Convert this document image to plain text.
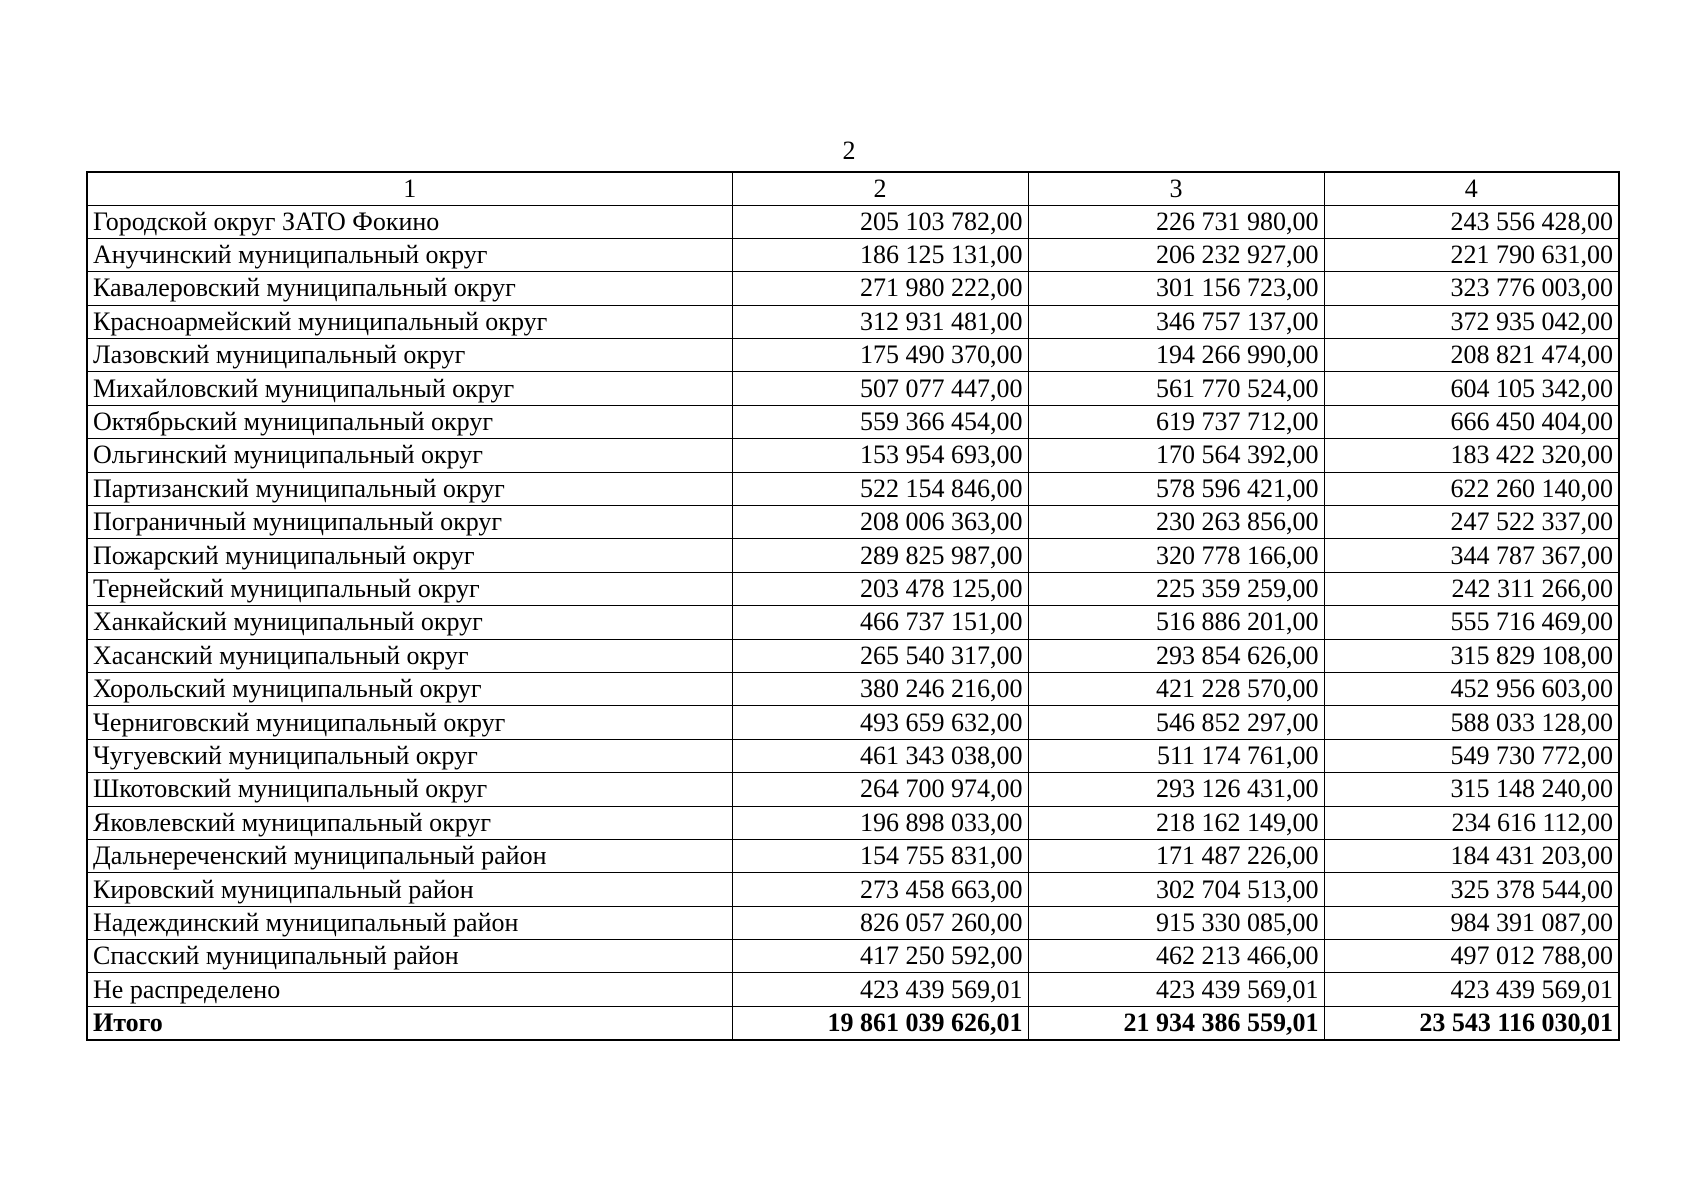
2
1	2	3	4
Городской округ ЗАТО Фокино	205 103 782,00	226 731 980,00	243 556 428,00
Анучинский муниципальный округ	186 125 131,00	206 232 927,00	221 790 631,00
Кавалеровский муниципальный округ	271 980 222,00	301 156 723,00	323 776 003,00
Красноармейский муниципальный округ	312 931 481,00	346 757 137,00	372 935 042,00
Лазовский муниципальный округ	175 490 370,00	194 266 990,00	208 821 474,00
Михайловский муниципальный округ	507 077 447,00	561 770 524,00	604 105 342,00
Октябрьский муниципальный округ	559 366 454,00	619 737 712,00	666 450 404,00
Ольгинский муниципальный округ	153 954 693,00	170 564 392,00	183 422 320,00
Партизанский муниципальный округ	522 154 846,00	578 596 421,00	622 260 140,00
Пограничный муниципальный округ	208 006 363,00	230 263 856,00	247 522 337,00
Пожарский муниципальный округ	289 825 987,00	320 778 166,00	344 787 367,00
Тернейский муниципальный округ	203 478 125,00	225 359 259,00	242 311 266,00
Ханкайский муниципальный округ	466 737 151,00	516 886 201,00	555 716 469,00
Хасанский муниципальный округ	265 540 317,00	293 854 626,00	315 829 108,00
Хорольский муниципальный округ	380 246 216,00	421 228 570,00	452 956 603,00
Черниговский муниципальный округ	493 659 632,00	546 852 297,00	588 033 128,00
Чугуевский муниципальный округ	461 343 038,00	511 174 761,00	549 730 772,00
Шкотовский муниципальный округ	264 700 974,00	293 126 431,00	315 148 240,00
Яковлевский муниципальный округ	196 898 033,00	218 162 149,00	234 616 112,00
Дальнереченский муниципальный район	154 755 831,00	171 487 226,00	184 431 203,00
Кировский муниципальный район	273 458 663,00	302 704 513,00	325 378 544,00
Надеждинский муниципальный район	826 057 260,00	915 330 085,00	984 391 087,00
Спасский муниципальный район	417 250 592,00	462 213 466,00	497 012 788,00
Не распределено	423 439 569,01	423 439 569,01	423 439 569,01
Итого	19 861 039 626,01	21 934 386 559,01	23 543 116 030,01
